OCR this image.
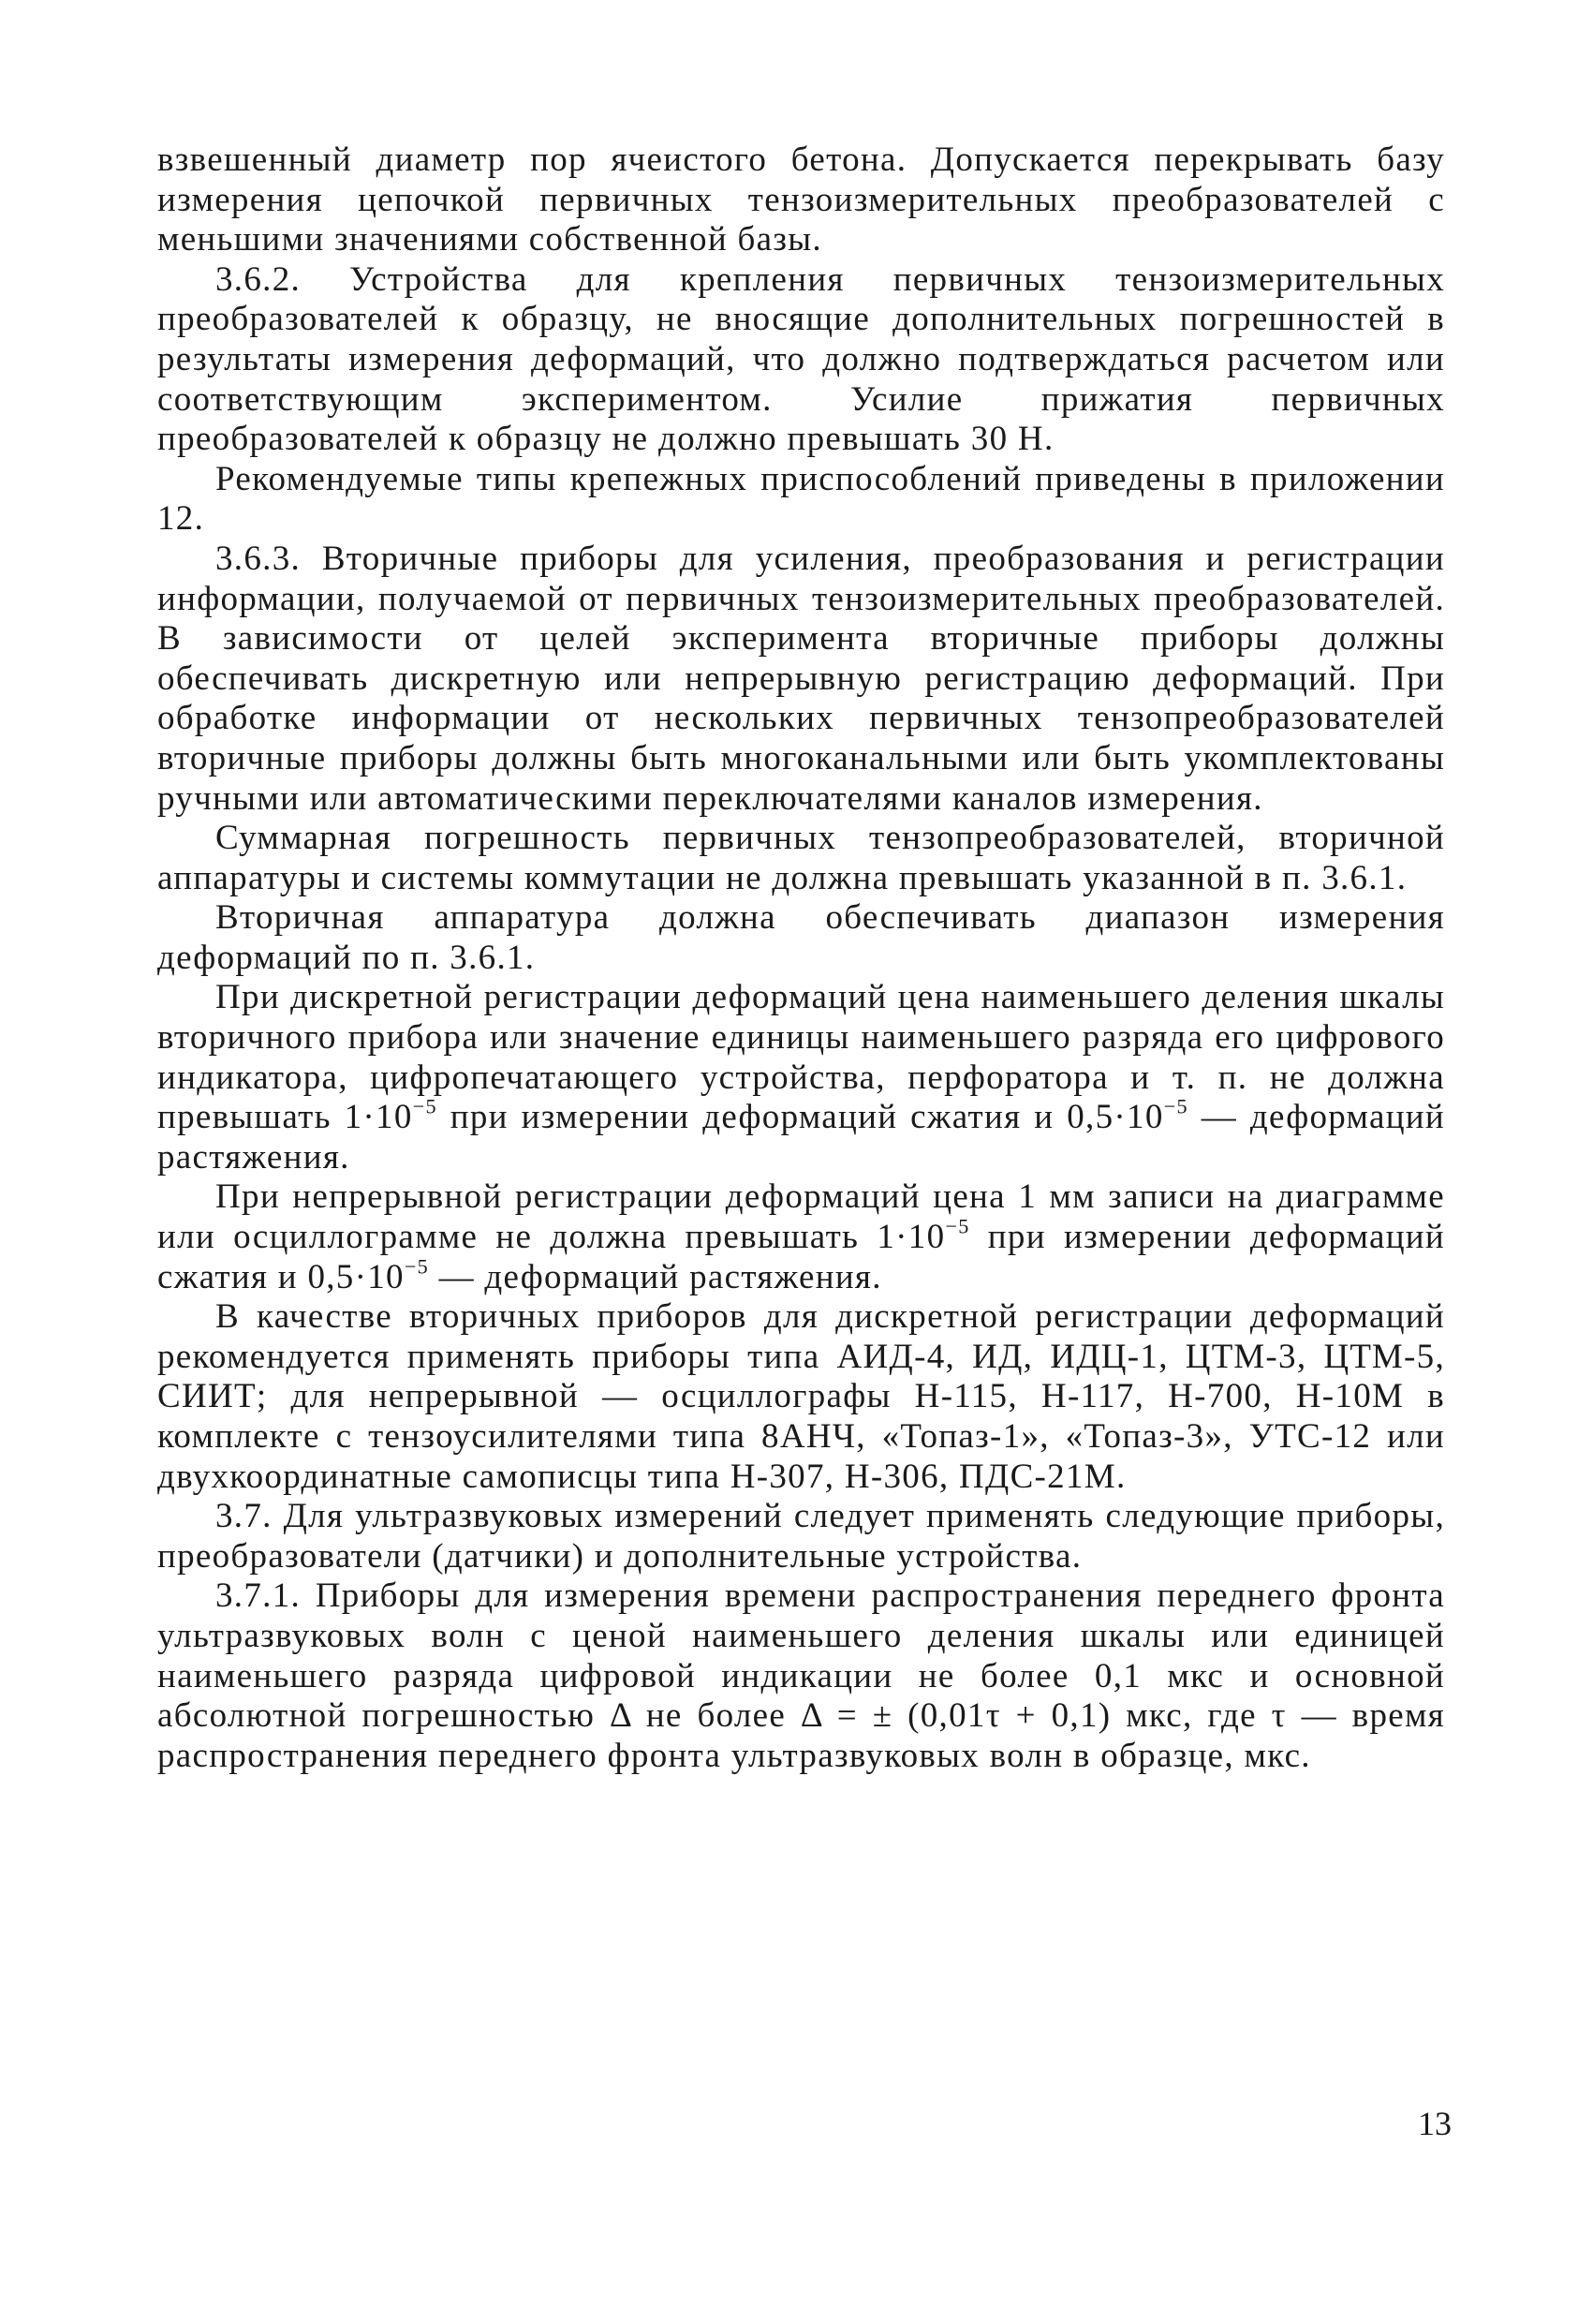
взвешенный диаметр пор ячеистого бетона. Допускается перекрывать базу измерения цепочкой первичных тензоизмерительных преобразователей с меньшими значениями собственной базы.

3.6.2. Устройства для крепления первичных тензоизмерительных преобразователей к образцу, не вносящие дополнительных погрешностей в результаты измерения деформаций, что должно подтверждаться расчетом или соответствующим экспериментом. Усилие прижатия первичных преобразователей к образцу не должно превышать 30 Н.

Рекомендуемые типы крепежных приспособлений приведены в приложении 12.

3.6.3. Вторичные приборы для усиления, преобразования и регистрации информации, получаемой от первичных тензоизмерительных преобразователей. В зависимости от целей эксперимента вторичные приборы должны обеспечивать дискретную или непрерывную регистрацию деформаций. При обработке информации от нескольких первичных тензопреобразователей вторичные приборы должны быть многоканальными или быть укомплектованы ручными или автоматическими переключателями каналов измерения.

Суммарная погрешность первичных тензопреобразователей, вторичной аппаратуры и системы коммутации не должна превышать указанной в п. 3.6.1.

Вторичная аппаратура должна обеспечивать диапазон измерения деформаций по п. 3.6.1.

При дискретной регистрации деформаций цена наименьшего деления шкалы вторичного прибора или значение единицы наименьшего разряда его цифрового индикатора, цифропечатающего устройства, перфоратора и т. п. не должна превышать $1\cdot 10^{-5}$ при измерении деформаций сжатия и $0,5\cdot 10^{-5}$ — деформаций растяжения.

При непрерывной регистрации деформаций цена 1 мм записи на диаграмме или осциллограмме не должна превышать $1\cdot 10^{-5}$ при измерении деформаций сжатия и $0,5\cdot 10^{-5}$ — деформаций растяжения.

В качестве вторичных приборов для дискретной регистрации деформаций рекомендуется применять приборы типа АИД-4, ИД, ИДЦ-1, ЦТМ-3, ЦТМ-5, СИИТ; для непрерывной — осциллографы Н-115, Н-117, Н-700, Н-10М в комплекте с тензоусилителями типа 8АНЧ, «Топаз-1», «Топаз-3», УТС-12 или двухкоординатные самописцы типа Н-307, Н-306, ПДС-21М.

3.7. Для ультразвуковых измерений следует применять следующие приборы, преобразователи (датчики) и дополнительные устройства.

3.7.1. Приборы для измерения времени распространения переднего фронта ультразвуковых волн с ценой наименьшего деления шкалы или единицей наименьшего разряда цифровой индикации не более 0,1 мкс и основной абсолютной погрешностью Δ не более Δ = ± (0,01τ + 0,1) мкс, где τ — время распространения переднего фронта ультразвуковых волн в образце, мкс.

13
